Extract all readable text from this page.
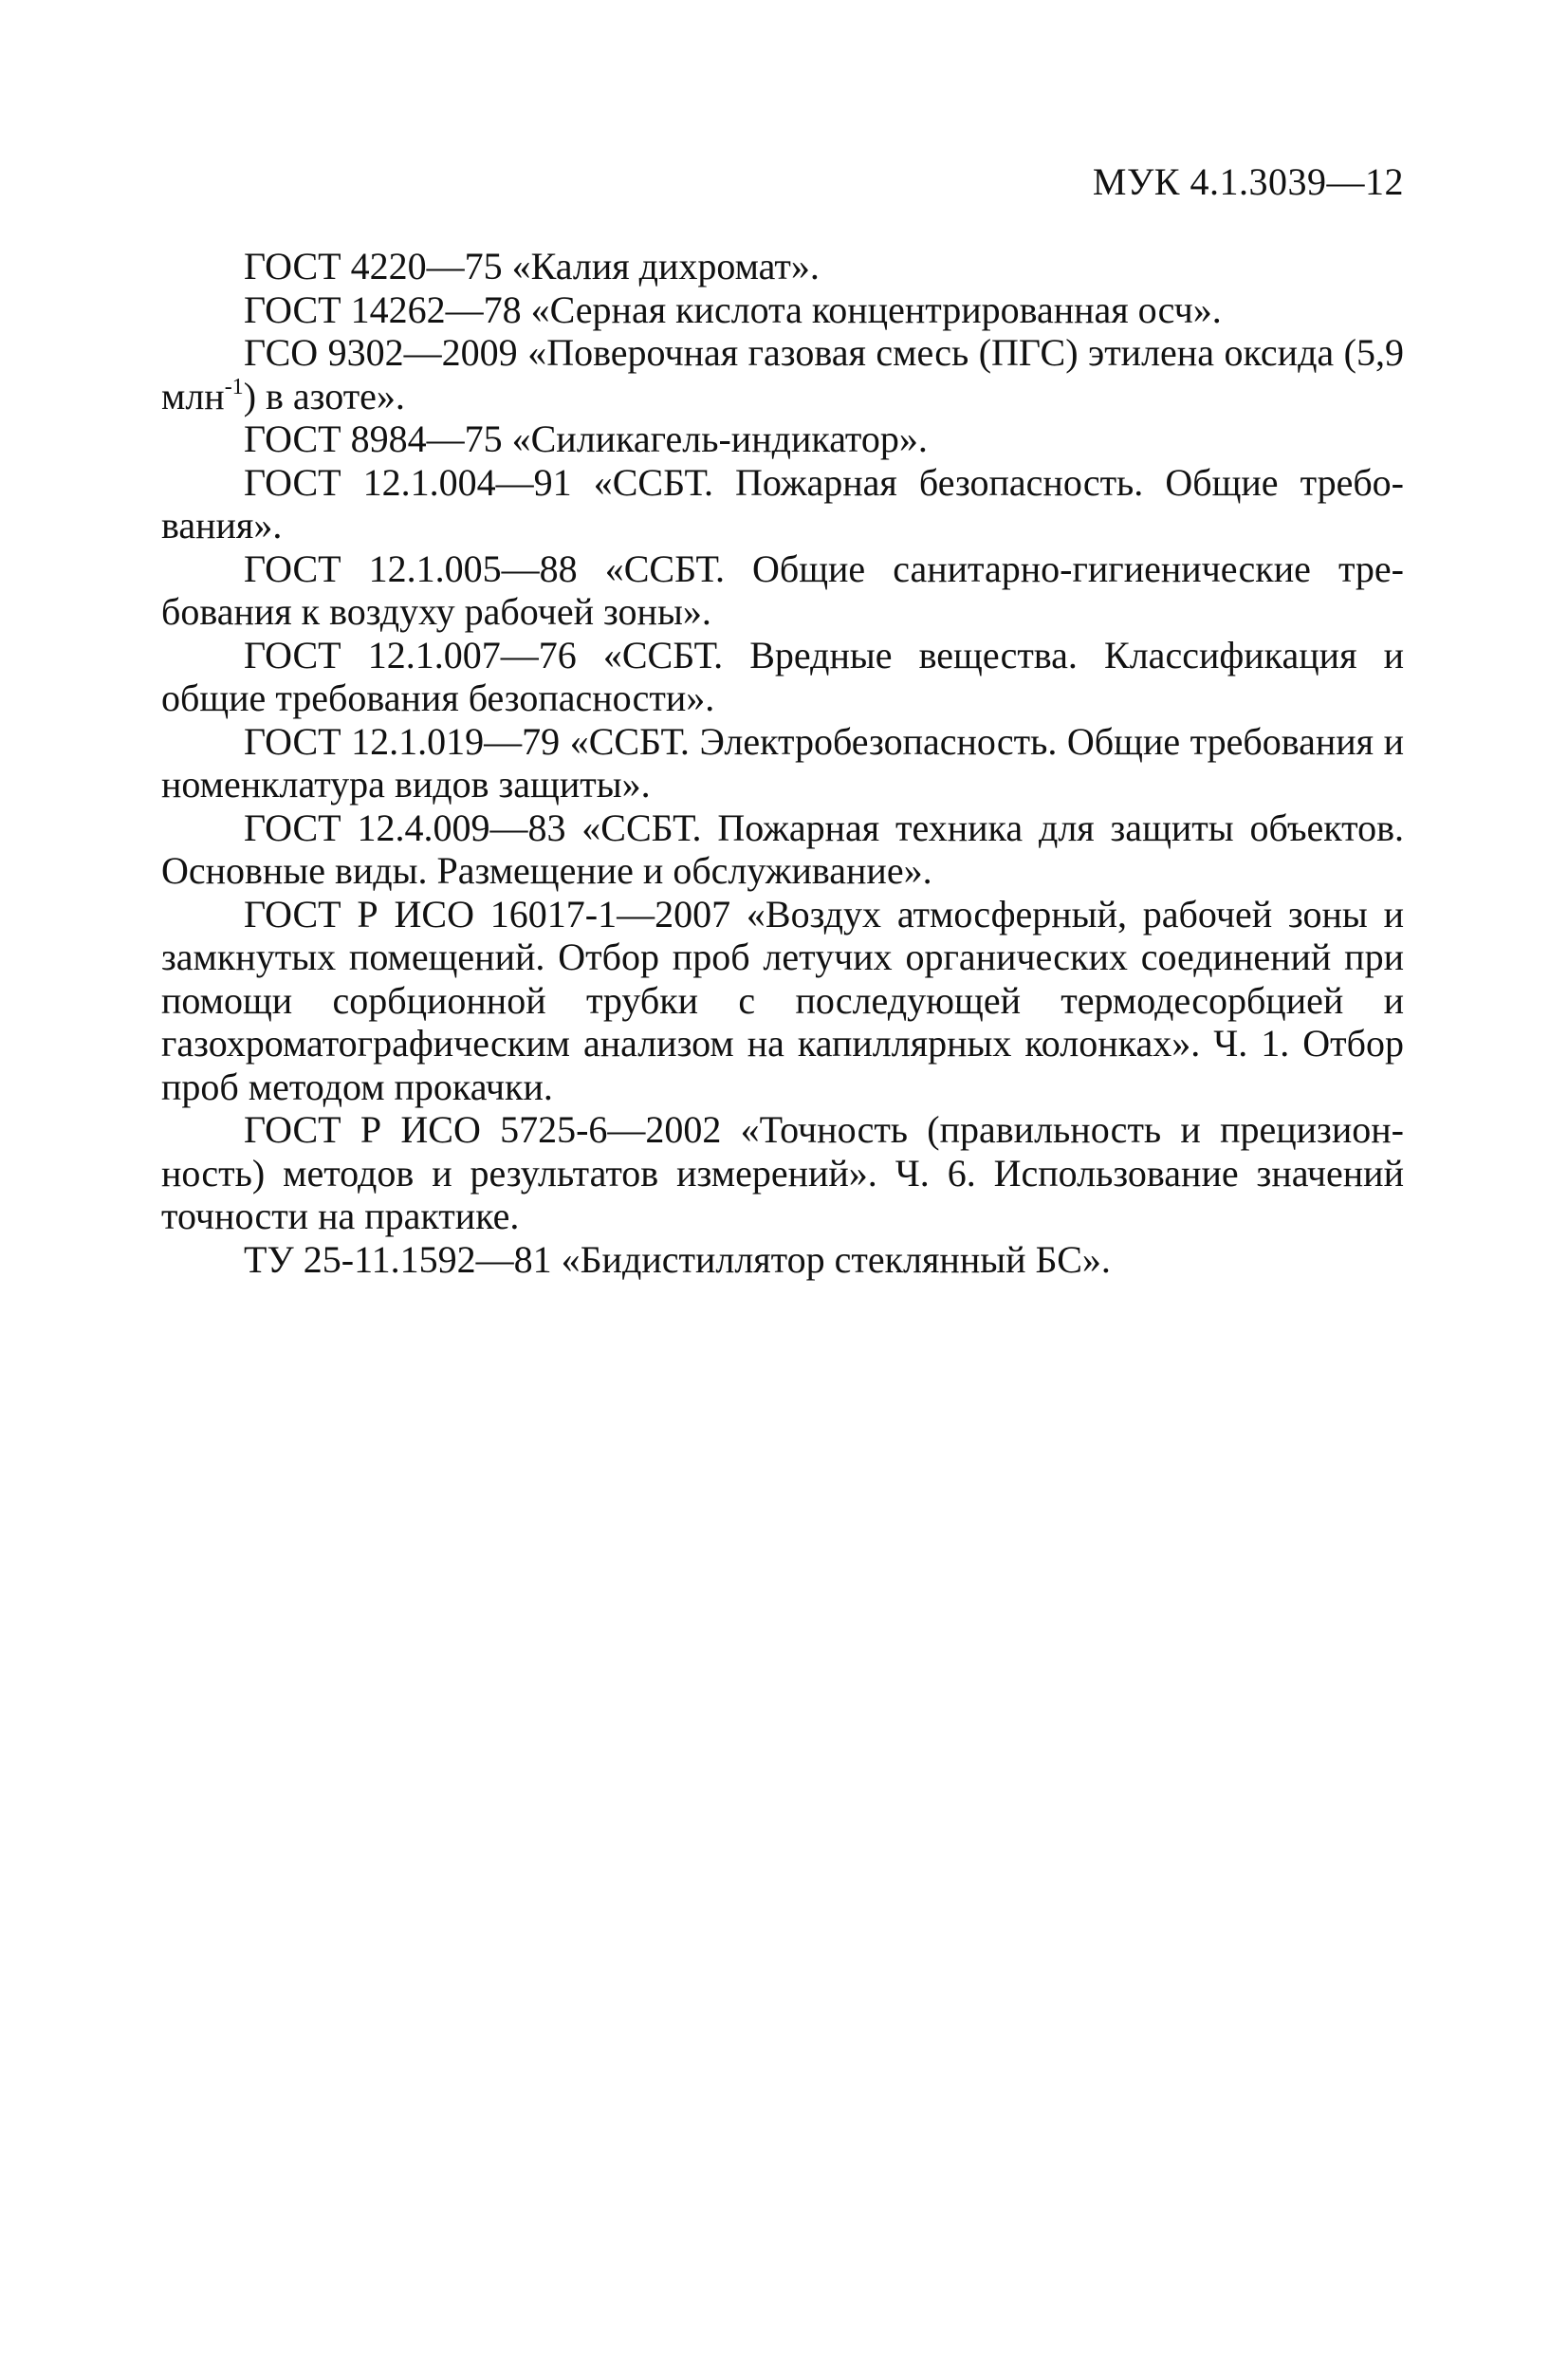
МУК 4.1.3039—12

ГОСТ 4220—75 «Калия дихромат».

ГОСТ 14262—78 «Серная кислота концентрированная осч».

ГСО 9302—2009 «Поверочная газовая смесь (ПГС) этилена оксида (5,9 млн$^{-1}$) в азоте».

ГОСТ 8984—75 «Силикагель-индикатор».

ГОСТ 12.1.004—91 «ССБТ. Пожарная безопасность. Общие требования».

ГОСТ 12.1.005—88 «ССБТ. Общие санитарно-гигиенические требования к воздуху рабочей зоны».

ГОСТ 12.1.007—76 «ССБТ. Вредные вещества. Классификация и общие требования безопасности».

ГОСТ 12.1.019—79 «ССБТ. Электробезопасность. Общие требования и номенклатура видов защиты».

ГОСТ 12.4.009—83 «ССБТ. Пожарная техника для защиты объектов. Основные виды. Размещение и обслуживание».

ГОСТ Р ИСО 16017-1—2007 «Воздух атмосферный, рабочей зоны и замкнутых помещений. Отбор проб летучих органических соединений при помощи сорбционной трубки с последующей термодесорбцией и газохроматографическим анализом на капиллярных колонках». Ч. 1. Отбор проб методом прокачки.

ГОСТ Р ИСО 5725-6—2002 «Точность (правильность и прецизионность) методов и результатов измерений». Ч. 6. Использование значений точности на практике.

ТУ 25-11.1592—81 «Бидистиллятор стеклянный БС».
